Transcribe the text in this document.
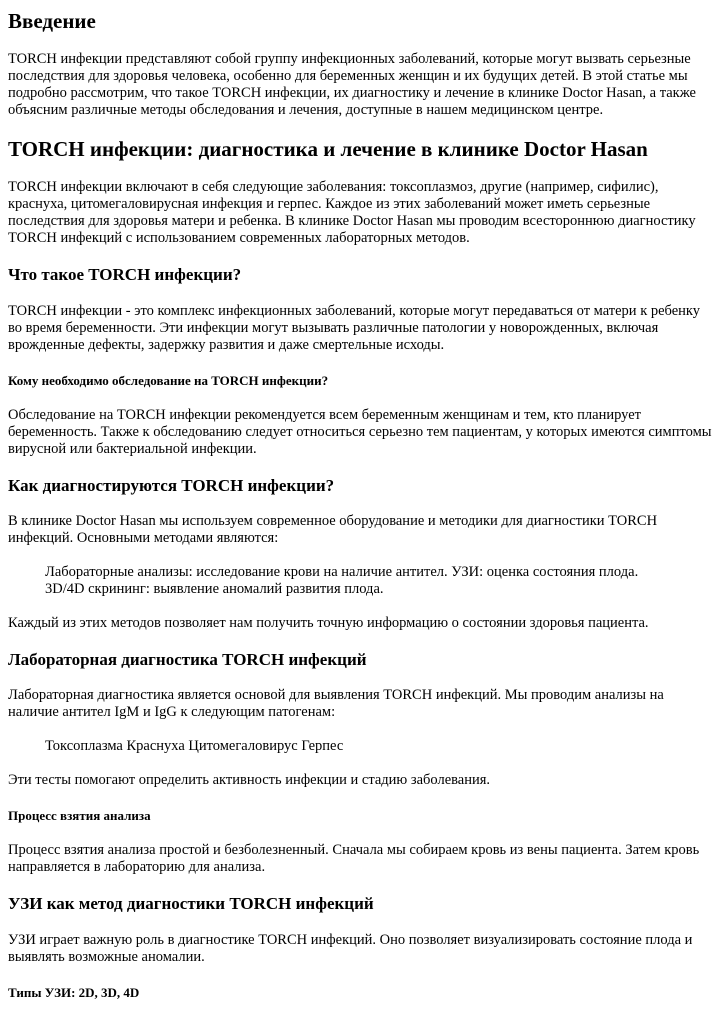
Введение

TORCH инфекции представляют собой группу инфекционных заболеваний, которые могут вызвать серьезные последствия для здоровья человека, особенно для беременных женщин и их будущих детей. В этой статье мы подробно рассмотрим, что такое TORCH инфекции, их диагностику и лечение в клинике Doctor Hasan, а также объясним различные методы обследования и лечения, доступные в нашем медицинском центре.

TORCH инфекции: диагностика и лечение в клинике Doctor Hasan

TORCH инфекции включают в себя следующие заболевания: токсоплазмоз, другие (например, сифилис), краснуха, цитомегаловирусная инфекция и герпес. Каждое из этих заболеваний может иметь серьезные последствия для здоровья матери и ребенка. В клинике Doctor Hasan мы проводим всестороннюю диагностику TORCH инфекций с использованием современных лабораторных методов.

Что такое TORCH инфекции?

TORCH инфекции - это комплекс инфекционных заболеваний, которые могут передаваться от матери к ребенку во время беременности. Эти инфекции могут вызывать различные патологии у новорожденных, включая врожденные дефекты, задержку развития и даже смертельные исходы.

Кому необходимо обследование на TORCH инфекции?

Обследование на TORCH инфекции рекомендуется всем беременным женщинам и тем, кто планирует беременность. Также к обследованию следует относиться серьезно тем пациентам, у которых имеются симптомы вирусной или бактериальной инфекции.

Как диагностируются TORCH инфекции?

В клинике Doctor Hasan мы используем современное оборудование и методики для диагностики TORCH инфекций. Основными методами являются:

Лабораторные анализы: исследование крови на наличие антител. УЗИ: оценка состояния плода. 3D/4D скрининг: выявление аномалий развития плода.

Каждый из этих методов позволяет нам получить точную информацию о состоянии здоровья пациента.

Лабораторная диагностика TORCH инфекций

Лабораторная диагностика является основой для выявления TORCH инфекций. Мы проводим анализы на наличие антител IgM и IgG к следующим патогенам:

Токсоплазма Краснуха Цитомегаловирус Герпес

Эти тесты помогают определить активность инфекции и стадию заболевания.

Процесс взятия анализа

Процесс взятия анализа простой и безболезненный. Сначала мы собираем кровь из вены пациента. Затем кровь направляется в лабораторию для анализа.

УЗИ как метод диагностики TORCH инфекций

УЗИ играет важную роль в диагностике TORCH инфекций. Оно позволяет визуализировать состояние плода и выявлять возможные аномалии.

Типы УЗИ: 2D, 3D, 4D
